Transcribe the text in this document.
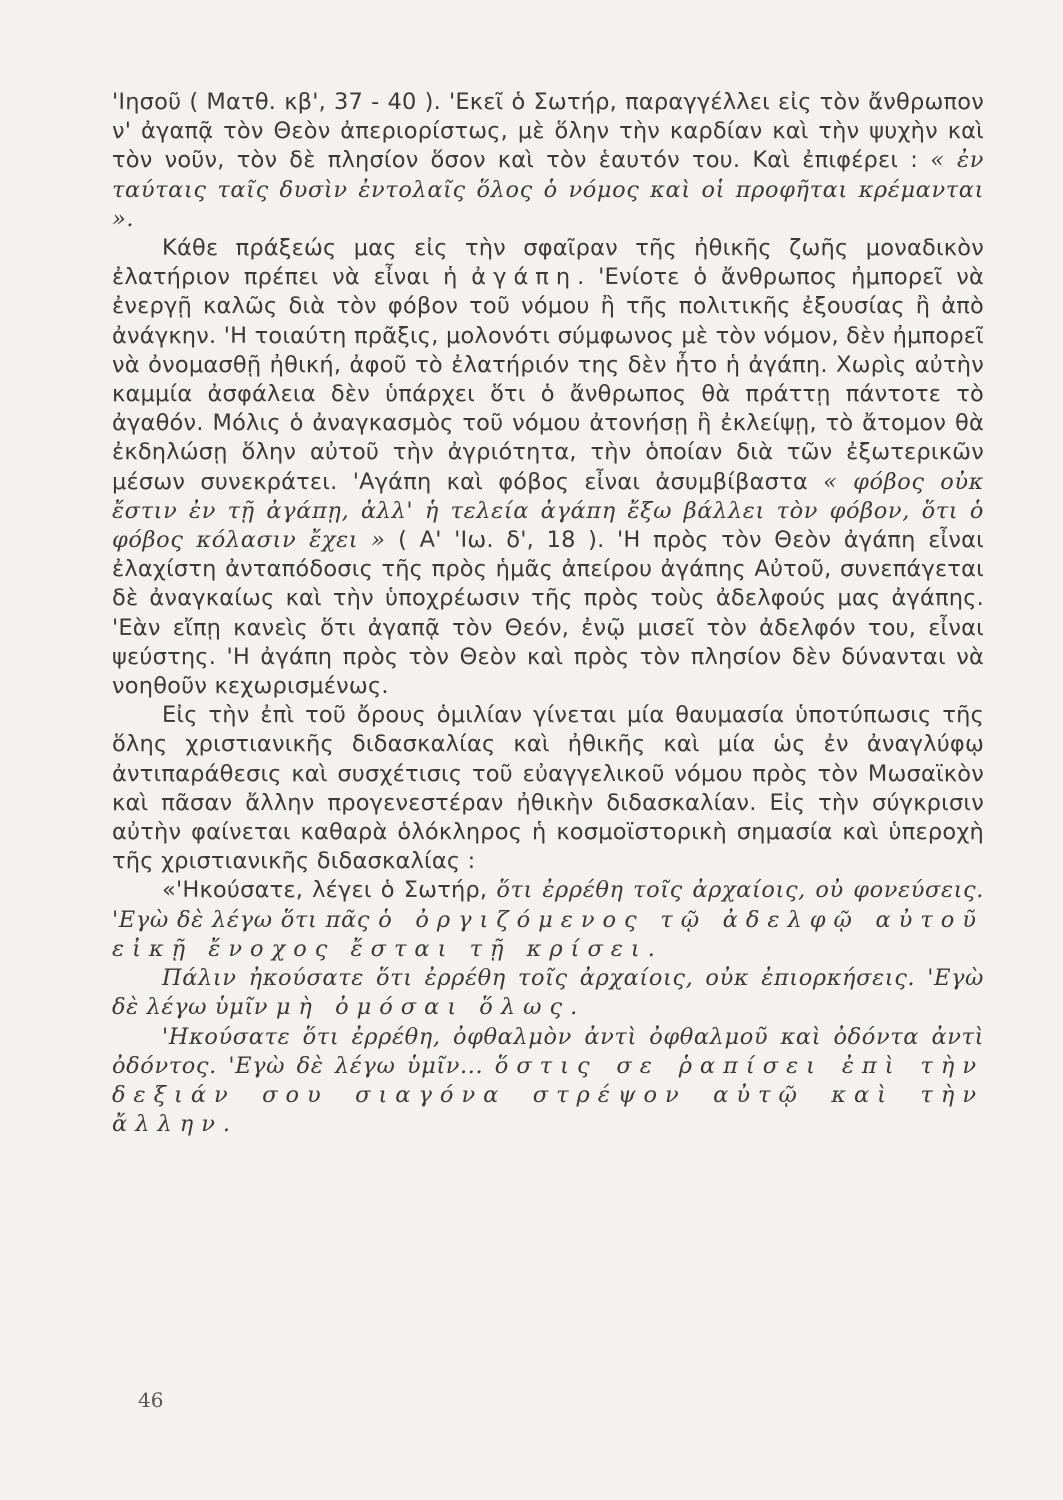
'Ιησοῦ ( Ματθ. κβ', 37 - 40 ). 'Εκεῖ ὁ Σωτήρ, παραγγέλλει εἰς τὸν ἄνθρωπον ν' ἀγαπᾷ τὸν Θεὸν ἀπεριορίστως, μὲ ὅλην τὴν καρδίαν καὶ τὴν ψυχὴν καὶ τὸν νοῦν, τὸν δὲ πλησίον ὅσον καὶ τὸν ἑαυτόν του. Καὶ ἐπιφέρει : « ἐν ταύταις ταῖς δυσὶν ἐντολαῖς ὅλος ὁ νόμος καὶ οἱ προφῆται κρέμανται ».

Κάθε πράξεώς μας εἰς τὴν σφαῖραν τῆς ἠθικῆς ζωῆς μοναδικὸν ἐλατήριον πρέπει νὰ εἶναι ἡ ἀγάπη. 'Ενίοτε ὁ ἄνθρωπος ἠμπορεῖ νὰ ἐνεργῇ καλῶς διὰ τὸν φόβον τοῦ νόμου ἢ τῆς πολιτικῆς ἐξουσίας ἢ ἀπὸ ἀνάγκην. 'Η τοιαύτη πρᾶξις, μολονότι σύμφωνος μὲ τὸν νόμον, δὲν ἠμπορεῖ νὰ ὀνομασθῇ ἠθική, ἀφοῦ τὸ ἐλατήριόν της δὲν ἦτο ἡ ἀγάπη. Χωρὶς αὐτὴν καμμία ἀσφάλεια δὲν ὑπάρχει ὅτι ὁ ἄνθρωπος θὰ πράττῃ πάντοτε τὸ ἀγαθόν. Μόλις ὁ ἀναγκασμὸς τοῦ νόμου ἀτονήσῃ ἢ ἐκλείψῃ, τὸ ἄτομον θὰ ἐκδηλώσῃ ὅλην αὐτοῦ τὴν ἀγριότητα, τὴν ὁποίαν διὰ τῶν ἐξωτερικῶν μέσων συνεκράτει. 'Αγάπη καὶ φόβος εἶναι ἀσυμβίβαστα « φόβος οὐκ ἔστιν ἐν τῇ ἀγάπῃ, ἀλλ' ἡ τελεία ἀγάπη ἔξω βάλλει τὸν φόβον, ὅτι ὁ φόβος κόλασιν ἔχει » ( Α' 'Ιω. δ', 18 ). 'Η πρὸς τὸν Θεὸν ἀγάπη εἶναι ἐλαχίστη ἀνταπόδοσις τῆς πρὸς ἡμᾶς ἀπείρου ἀγάπης Αὐτοῦ, συνεπάγεται δὲ ἀναγκαίως καὶ τὴν ὑποχρέωσιν τῆς πρὸς τοὺς ἀδελφούς μας ἀγάπης. 'Εὰν εἴπῃ κανεὶς ὅτι ἀγαπᾷ τὸν Θεόν, ἐνῷ μισεῖ τὸν ἀδελφόν του, εἶναι ψεύστης. 'Η ἀγάπη πρὸς τὸν Θεὸν καὶ πρὸς τὸν πλησίον δὲν δύνανται νὰ νοηθοῦν κεχωρισμένως.

Εἰς τὴν ἐπὶ τοῦ ὄρους ὁμιλίαν γίνεται μία θαυμασία ὑποτύπωσις τῆς ὅλης χριστιανικῆς διδασκαλίας καὶ ἠθικῆς καὶ μία ὡς ἐν ἀναγλύφῳ ἀντιπαράθεσις καὶ συσχέτισις τοῦ εὐαγγελικοῦ νόμου πρὸς τὸν Μωσαϊκὸν καὶ πᾶσαν ἄλλην προγενεστέραν ἠθικὴν διδασκαλίαν. Εἰς τὴν σύγκρισιν αὐτὴν φαίνεται καθαρὰ ὁλόκληρος ἡ κοσμοϊστορικὴ σημασία καὶ ὑπεροχὴ τῆς χριστιανικῆς διδασκαλίας :

«'Ηκούσατε, λέγει ὁ Σωτήρ, ὅτι ἐρρέθη τοῖς ἀρχαίοις, οὐ φονεύσεις. 'Εγὼ δὲ λέγω ὅτι πᾶς ὁ ὀργιζόμενος τῷ ἀδελφῷ αὐτοῦ εἰκῇ ἔνοχος ἔσται τῇ κρίσει.

Πάλιν ἠκούσατε ὅτι ἐρρέθη τοῖς ἀρχαίοις, οὐκ ἐπιορκήσεις. 'Εγὼ δὲ λέγω ὑμῖν μὴ ὀμόσαι ὅλως.

'Ηκούσατε ὅτι ἐρρέθη, ὀφθαλμὸν ἀντὶ ὀφθαλμοῦ καὶ ὀδόντα ἀντὶ ὀδόντος. 'Εγὼ δὲ λέγω ὑμῖν... ὅστις σε ῥαπίσει ἐπὶ τὴν δεξιάν σου σιαγόνα στρέψον αὐτῷ καὶ τὴν ἄλλην.

46
